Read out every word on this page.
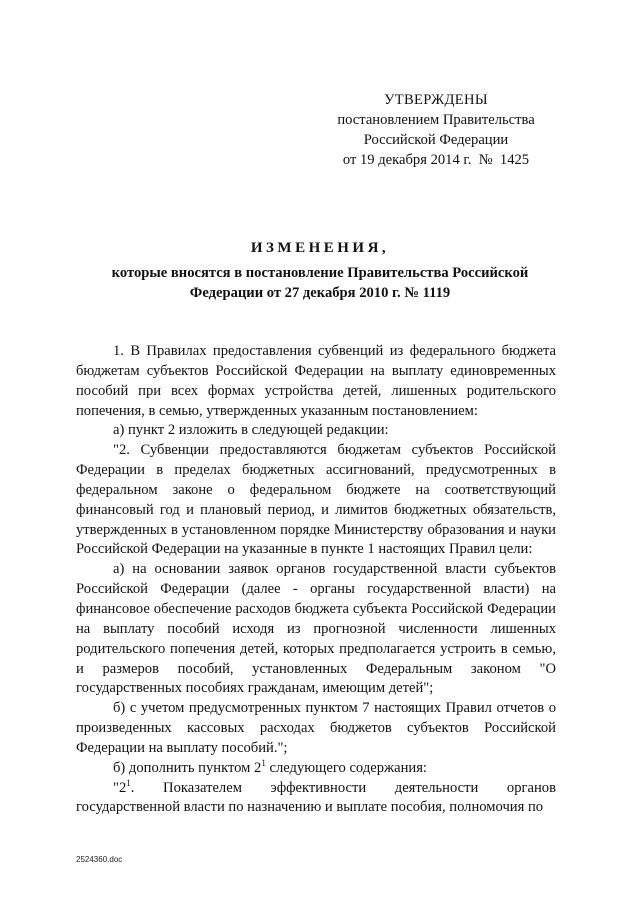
УТВЕРЖДЕНЫ
постановлением Правительства
Российской Федерации
от 19 декабря 2014 г.  №  1425
ИЗМЕНЕНИЯ,
которые вносятся в постановление Правительства Российской
Федерации от 27 декабря 2010 г. № 1119

1. В Правилах предоставления субвенций из федерального бюджета бюджетам субъектов Российской Федерации на выплату единовременных пособий при всех формах устройства детей, лишенных родительского попечения, в семью, утвержденных указанным постановлением:

а) пункт 2 изложить в следующей редакции:

"2. Субвенции предоставляются бюджетам субъектов Российской Федерации в пределах бюджетных ассигнований, предусмотренных в федеральном законе о федеральном бюджете на соответствующий финансовый год и плановый период, и лимитов бюджетных обязательств, утвержденных в установленном порядке Министерству образования и науки Российской Федерации на указанные в пункте 1 настоящих Правил цели:

а) на основании заявок органов государственной власти субъектов Российской Федерации (далее - органы государственной власти) на финансовое обеспечение расходов бюджета субъекта Российской Федерации на выплату пособий исходя из прогнозной численности лишенных родительского попечения детей, которых предполагается устроить в семью, и размеров пособий, установленных Федеральным законом "О государственных пособиях гражданам, имеющим детей";

б) с учетом предусмотренных пунктом 7 настоящих Правил отчетов о произведенных кассовых расходах бюджетов субъектов Российской Федерации на выплату пособий.";

б) дополнить пунктом $2^1$ следующего содержания:

"$2^1$. Показателем эффективности деятельности органов государственной власти по назначению и выплате пособия, полномочия по

2524360.doc
